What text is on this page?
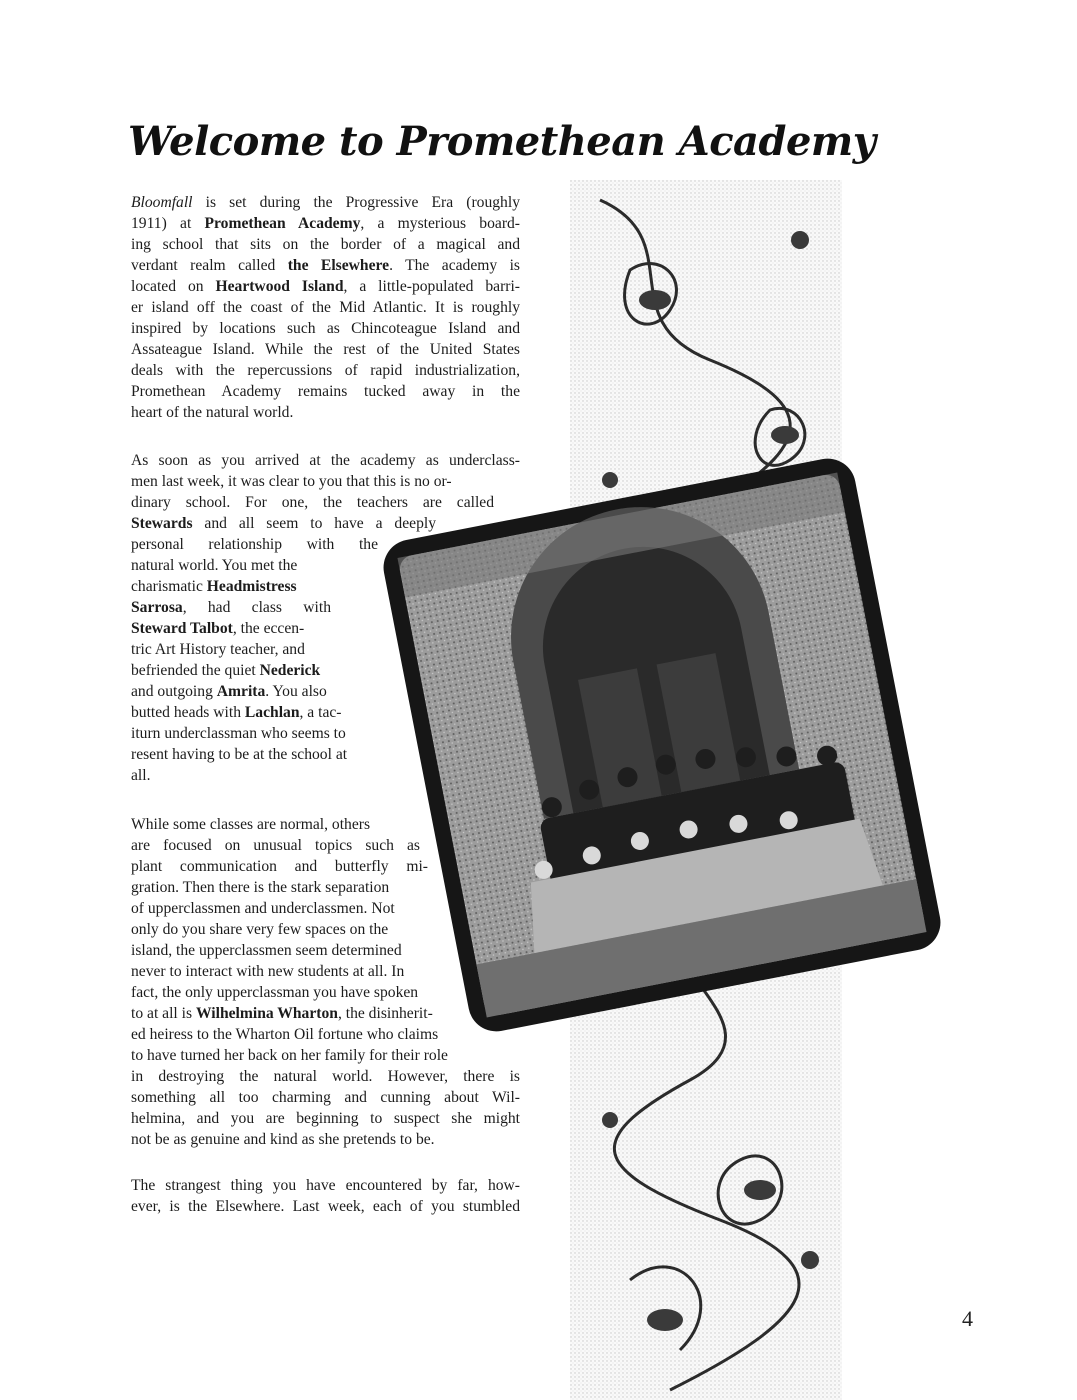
Welcome to Promethean Academy

Bloomfall is set during the Progressive Era (roughly
1911) at Promethean Academy, a mysterious board-
ing school that sits on the border of a magical and
verdant realm called the Elsewhere. The academy is
located on Heartwood Island, a little-populated barri-
er island off the coast of the Mid Atlantic. It is roughly
inspired by locations such as Chincoteague Island and
Assateague Island. While the rest of the United States
deals with the repercussions of rapid industrialization,
Promethean Academy remains tucked away in the
heart of the natural world.

As soon as you arrived at the academy as underclass-
men last week, it was clear to you that this is no or-
dinary school. For one, the teachers are called
Stewards and all seem to have a deeply
personal relationship with the
natural world. You met the
charismatic Headmistress
Sarrosa, had class with
Steward Talbot, the eccen-
tric Art History teacher, and
befriended the quiet Nederick
and outgoing Amrita. You also
butted heads with Lachlan, a tac-
iturn underclassman who seems to
resent having to be at the school at
all.

While some classes are normal, others
are focused on unusual topics such as
plant communication and butterfly mi-
gration. Then there is the stark separation
of upperclassmen and underclassmen. Not
only do you share very few spaces on the
island, the upperclassmen seem determined
never to interact with new students at all. In
fact, the only upperclassman you have spoken
to at all is Wilhelmina Wharton, the disinherit-
ed heiress to the Wharton Oil fortune who claims
to have turned her back on her family for their role
in destroying the natural world. However, there is
something all too charming and cunning about Wil-
helmina, and you are beginning to suspect she might
not be as genuine and kind as she pretends to be.

The strangest thing you have encountered by far, how-
ever, is the Elsewhere. Last week, each of you stumbled

4
